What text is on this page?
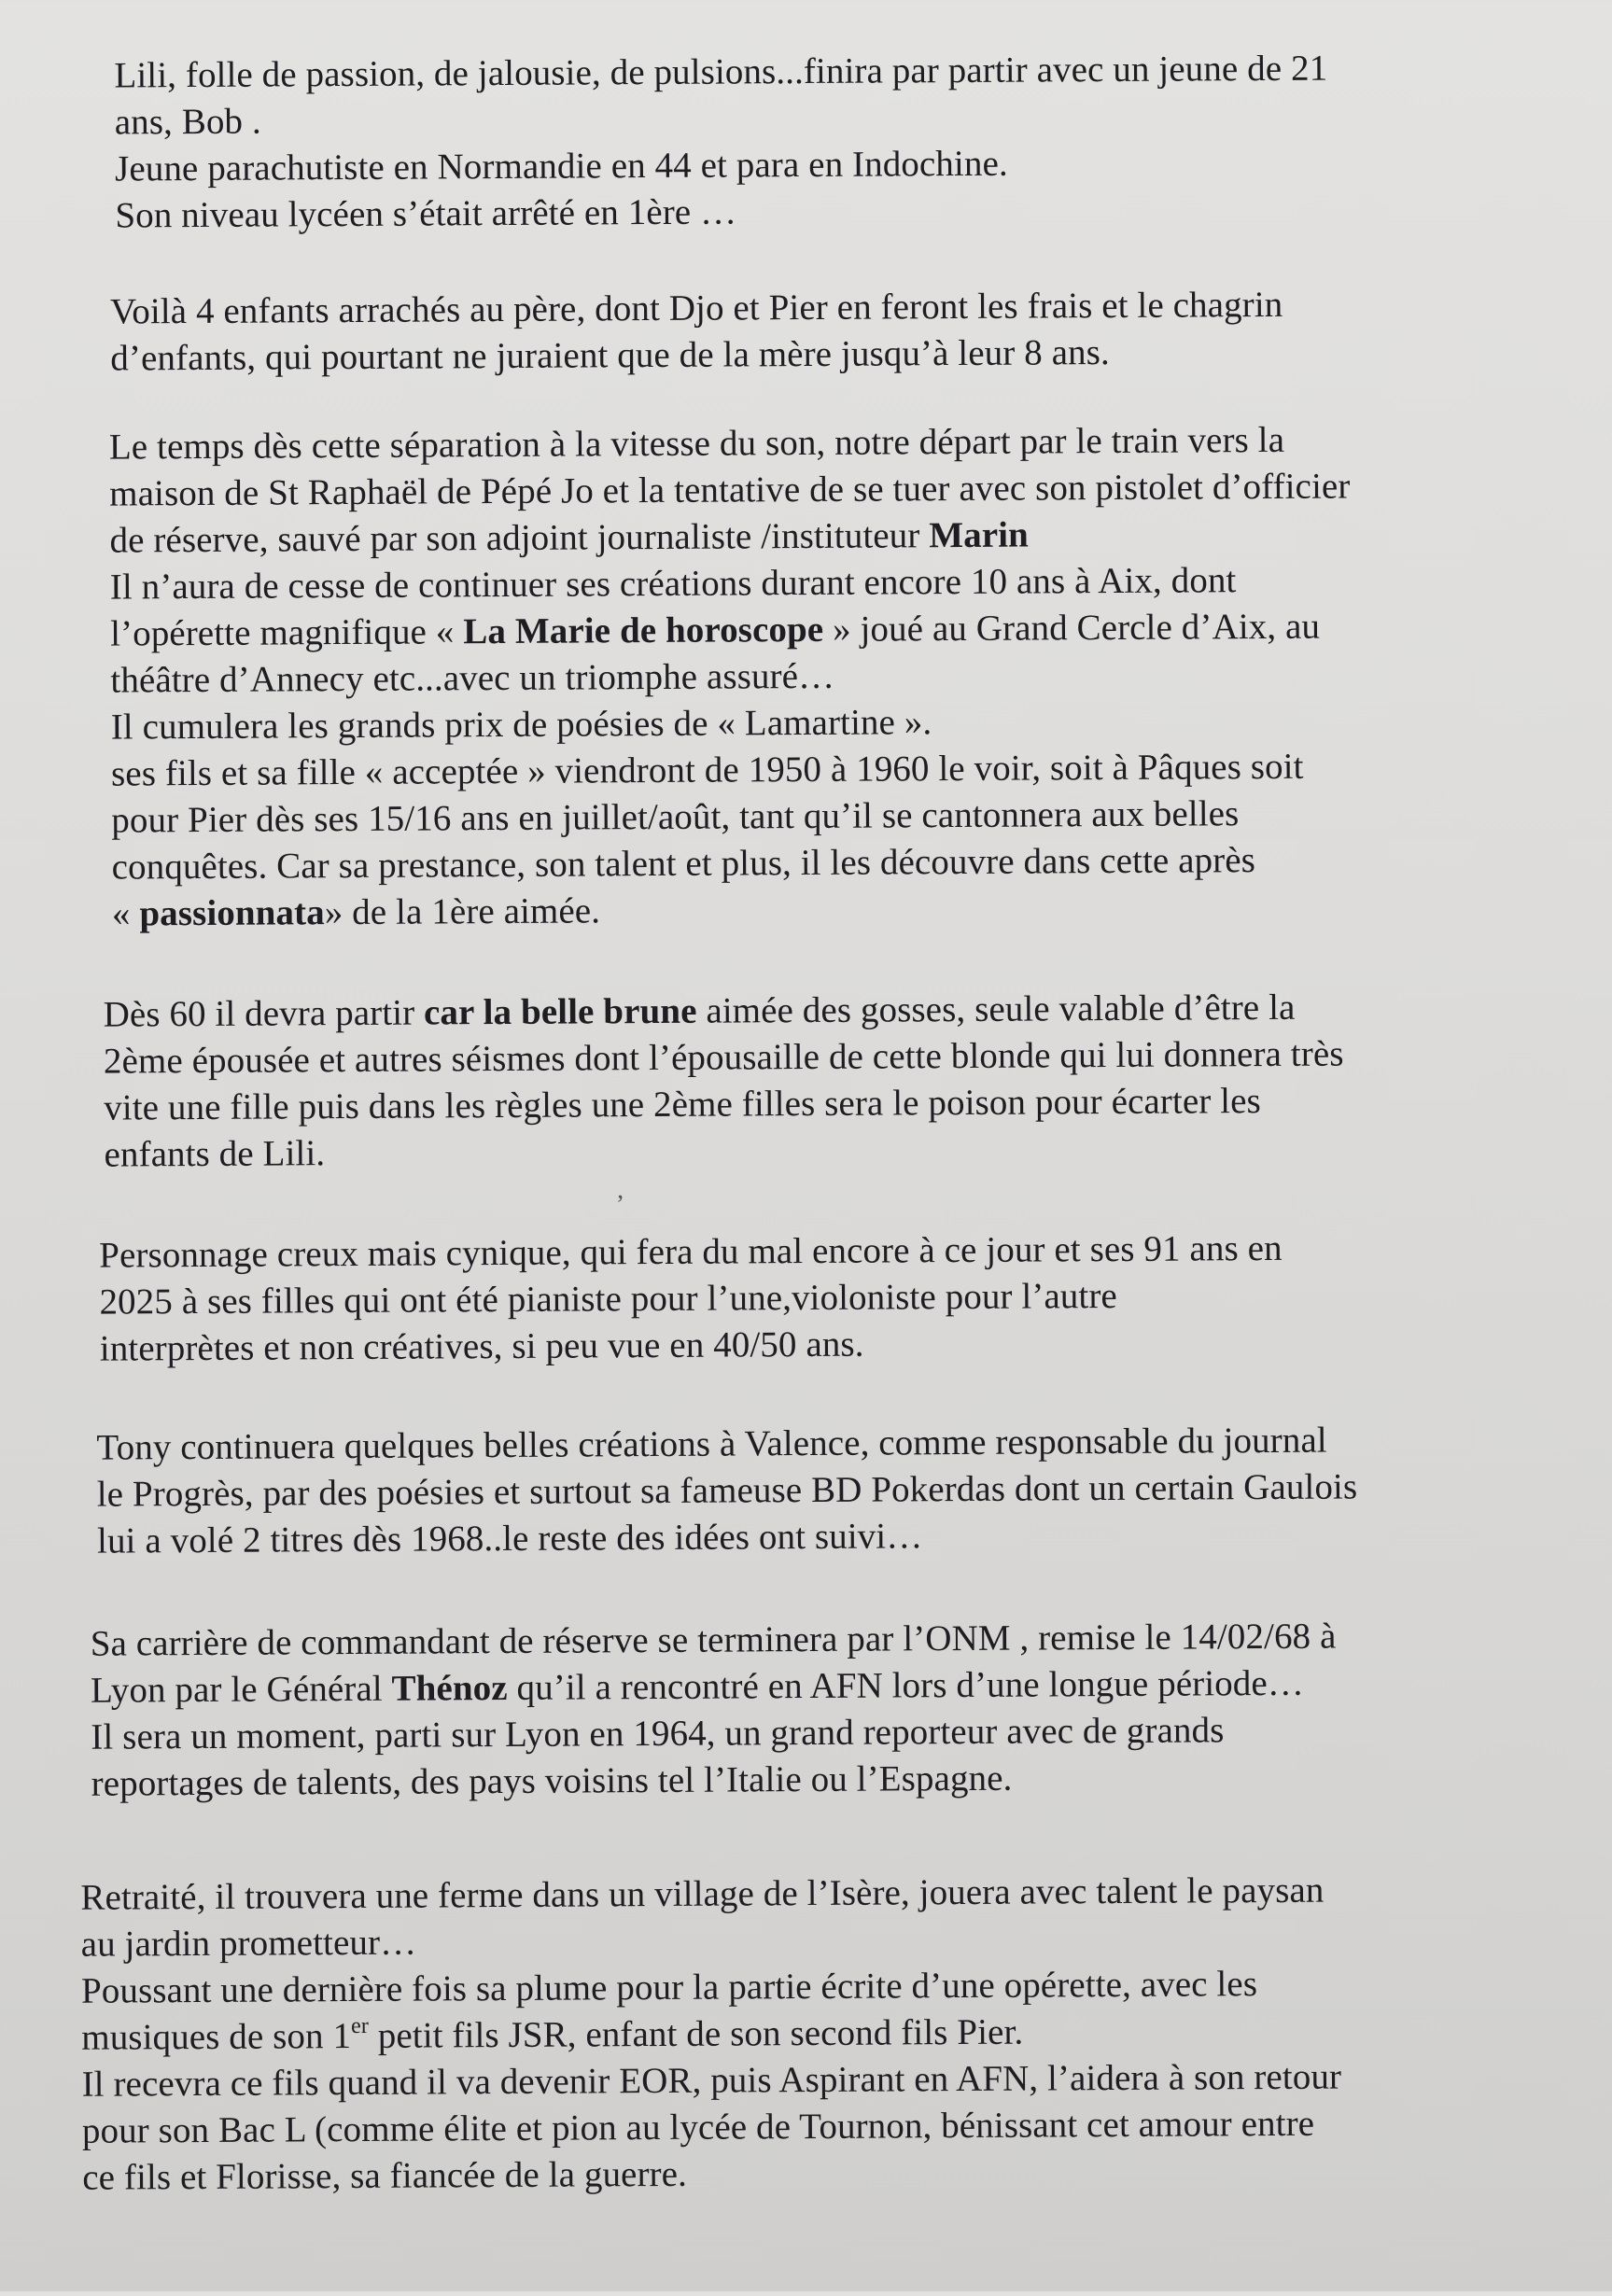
Lili, folle de passion, de jalousie, de pulsions...finira par partir avec un jeune de 21
ans, Bob .
Jeune parachutiste en Normandie en 44 et para en Indochine.
Son niveau lycéen s’était arrêté en 1ère …
Voilà 4 enfants arrachés au père, dont Djo et Pier en feront les frais et le chagrin
d’enfants, qui pourtant ne juraient que de la mère jusqu’à leur 8 ans.
Le temps dès cette séparation à la vitesse du son, notre départ par le train vers la
maison de St Raphaël de Pépé Jo et la tentative de se tuer avec son pistolet d’officier
de réserve, sauvé par son adjoint journaliste /instituteur Marin
Il n’aura de cesse de continuer ses créations durant encore 10 ans à Aix, dont
l’opérette magnifique « La Marie de horoscope » joué au Grand Cercle d’Aix, au
théâtre d’Annecy etc...avec un triomphe assuré…
Il cumulera les grands prix de poésies de « Lamartine ».
ses fils et sa fille « acceptée » viendront de 1950 à 1960 le voir, soit à Pâques soit
pour Pier dès ses 15/16 ans en juillet/août, tant qu’il se cantonnera aux belles
conquêtes. Car sa prestance, son talent et plus, il les découvre dans cette après
« passionnata» de la 1ère aimée.
Dès 60 il devra partir car la belle brune aimée des gosses, seule valable d’être la
2ème épousée et autres séismes dont l’épousaille de cette blonde qui lui donnera très
vite une fille puis dans les règles une 2ème filles sera le poison pour écarter les
enfants de Lili.
ʼ
Personnage creux mais cynique, qui fera du mal encore à ce jour et ses 91 ans en
2025 à ses filles qui ont été pianiste pour l’une,violoniste pour l’autre
interprètes et non créatives, si peu vue en 40/50 ans.
Tony continuera quelques belles créations à Valence, comme responsable du journal
le Progrès, par des poésies et surtout sa fameuse BD Pokerdas dont un certain Gaulois
lui a volé 2 titres dès 1968..le reste des idées ont suivi…
Sa carrière de commandant de réserve se terminera par l’ONM , remise le 14/02/68 à
Lyon par le Général Thénoz qu’il a rencontré en AFN lors d’une longue période…
Il sera un moment, parti sur Lyon en 1964, un grand reporteur avec de grands
reportages de talents, des pays voisins tel l’Italie ou l’Espagne.
Retraité, il trouvera une ferme dans un village de l’Isère, jouera avec talent le paysan
au jardin prometteur…
Poussant une dernière fois sa plume pour la partie écrite d’une opérette, avec les
musiques de son 1er petit fils JSR, enfant de son second fils Pier.
Il recevra ce fils quand il va devenir EOR, puis Aspirant en AFN, l’aidera à son retour
pour son Bac L (comme élite et pion au lycée de Tournon, bénissant cet amour entre
ce fils et Florisse, sa fiancée de la guerre.
